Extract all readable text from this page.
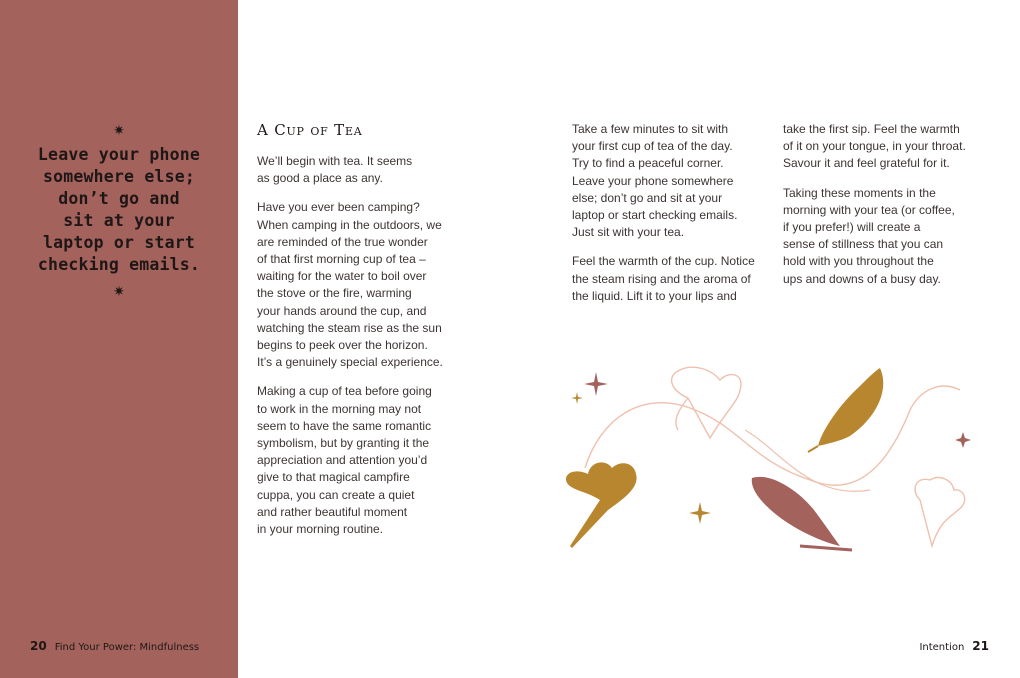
✷
Leave your phone
somewhere else;
don’t go and
sit at your
laptop or start
checking emails.
✷
20 Find Your Power: Mindfulness
A Cup of Tea

We’ll begin with tea. It seems
as good a place as any.

Have you ever been camping?
When camping in the outdoors, we
are reminded of the true wonder
of that first morning cup of tea –
waiting for the water to boil over
the stove or the fire, warming
your hands around the cup, and
watching the steam rise as the sun
begins to peek over the horizon.
It’s a genuinely special experience.

Making a cup of tea before going
to work in the morning may not
seem to have the same romantic
symbolism, but by granting it the
appreciation and attention you’d
give to that magical campfire
cuppa, you can create a quiet
and rather beautiful moment
in your morning routine.

Take a few minutes to sit with
your first cup of tea of the day.
Try to find a peaceful corner.
Leave your phone somewhere
else; don’t go and sit at your
laptop or start checking emails.
Just sit with your tea.

Feel the warmth of the cup. Notice
the steam rising and the aroma of
the liquid. Lift it to your lips and

take the first sip. Feel the warmth
of it on your tongue, in your throat.
Savour it and feel grateful for it.

Taking these moments in the
morning with your tea (or coffee,
if you prefer!) will create a
sense of stillness that you can
hold with you throughout the
ups and downs of a busy day.

Intention 21
